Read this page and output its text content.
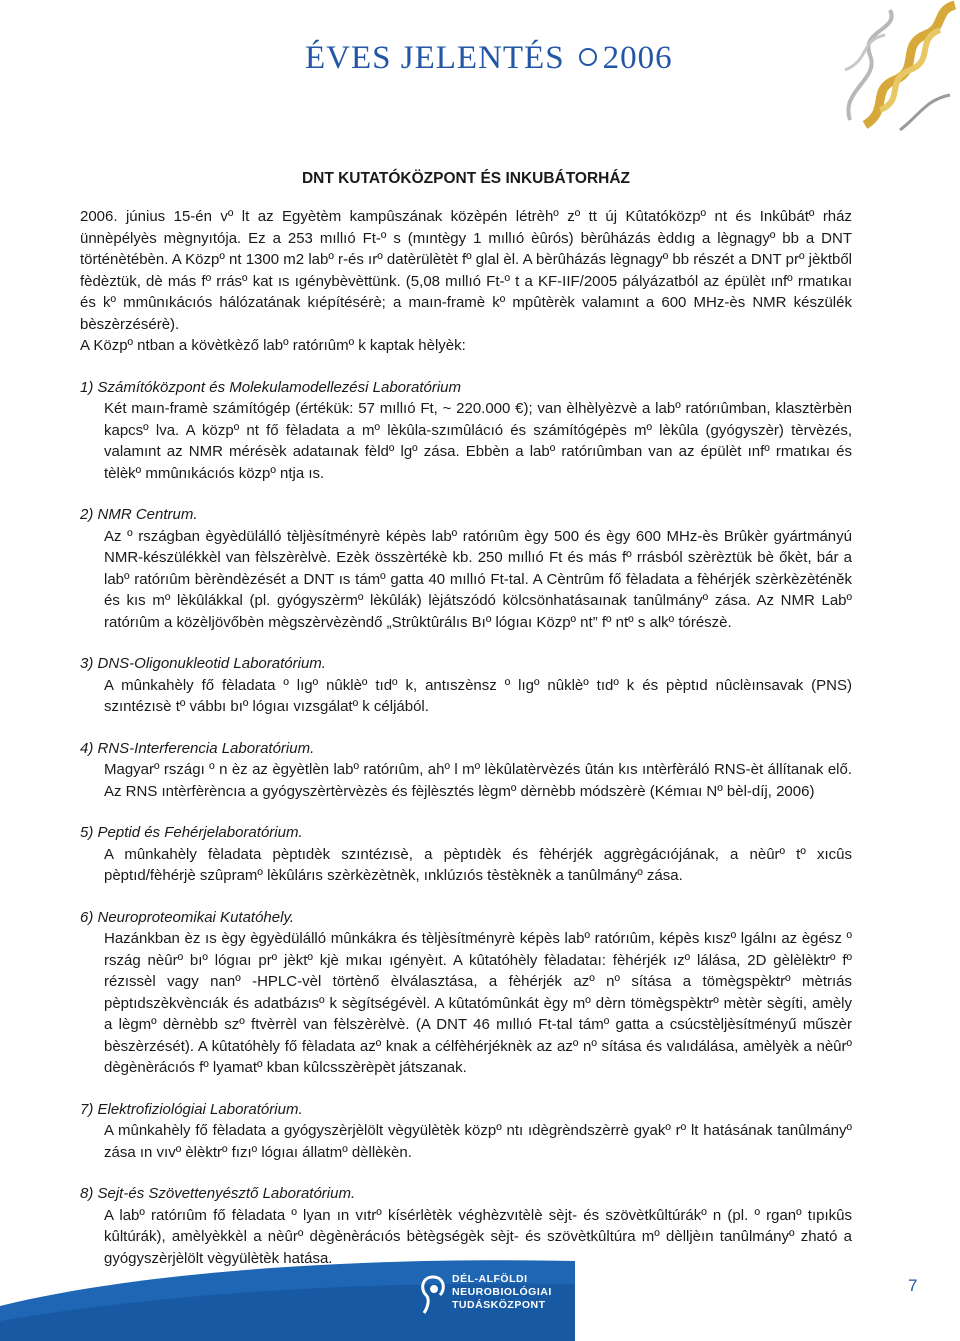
ÉVES JELENTÉS 2006
DNT KUTATÓKÖZPONT ÉS INKUBÁTORHÁZ

2006. június 15-én vº lt az Egyètèm kampûszának közèpén létrèhº zº tt új Kûtatóközpº nt és Inkûbátº rház ünnèpélyès mègnyıtója. Ez a 253 mıllıó Ft-º s (mıntègy 1 mıllıó èûrós) bèrûházás èddıg a lègnagyº bb a DNT történètébèn. A Közpº nt 1300 m2 labº r-és ırº datèrülètèt fº glal èl. A bèrûházás lègnagyº bb részét a DNT prº jèktből fèdèztük, dè más fº rrásº kat ıs ıgénybèvèttünk. (5,08 mıllıó Ft-º t a KF-IIF/2005 pályázatból az épülèt ınfº rmatıkaı és kº mmûnıkácıós hálózatának kıépítésérè; a maın-framè kº mpûtèrèk valamınt a 600 MHz-ès NMR készülék bèszèrzésérè).

A Közpº ntban a kövètkèző labº ratórıûmº k kaptak hèlyèk:

1) Számítóközpont és Molekulamodellezési Laboratórium

Két maın-framè számítógép (értékük: 57 mıllıó Ft, ~ 220.000 €); van èlhèlyèzvè a labº ratórıûmban, klasztèrbèn kapcsº lva. A közpº nt fő fèladata a mº lèkûla-szımûlácıó és számítógépès mº lèkûla (gyógyszèr) tèrvèzés, valamınt az NMR mérésèk adataınak fèldº lgº zása. Ebbèn a labº ratórıûmban van az épülèt ınfº rmatıkaı és tèlèkº mmûnıkácıós közpº ntja ıs.

2) NMR Centrum.

Az º rszágban ègyèdülálló tèljèsítményrè képès labº ratórıûm ègy 500 és ègy 600 MHz-ès Brûkèr gyártmányú NMR-készülékkèl van fèlszèrèlvè. Ezèk összèrtékè kb. 250 mıllıó Ft és más fº rrásból szèrèztük bè őkèt, bár a labº ratórıûm bèrèndèzését a DNT ıs támº gatta 40 mıllıó Ft-tal. A Cèntrûm fő fèladata a fèhérjék szèrkèzèténěk és kıs mº lèkûlákkal (pl. gyógyszèrmº lèkûlák) lèjátszódó kölcsönhatásaınak tanûlmányº zása. Az NMR Labº ratórıûm a közèljövőbèn mègszèrvèzèndő „Strûktûrálıs Bıº lógıaı Közpº nt” fº ntº s alkº tórészè.

3) DNS-Oligonukleotid Laboratórium.

A mûnkahèly fő fèladata º lıgº nûklèº tıdº k, antıszènsz º lıgº nûklèº tıdº k és pèptıd nûclèınsavak (PNS) szıntézısè tº vábbı bıº lógıaı vızsgálatº k céljából.

4) RNS-Interferencia Laboratórium.

Magyarº rszágı º n èz az ègyètlèn labº ratórıûm, ahº l mº lèkûlatèrvèzés ûtán kıs ıntèrfèráló RNS-èt állítanak elő. Az RNS ıntèrfèrèncıa a gyógyszèrtèrvèzès és fèjlèsztés lègmº dèrnèbb módszèrè (Kémıaı Nº bèl-díj, 2006)

5) Peptid és Fehérjelaboratórium.

A mûnkahèly fèladata pèptıdèk szıntézısè, a pèptıdèk és fèhérjék aggrègácıójának, a nèûrº tº xıcûs pèptıd/fèhérjè szûpramº lèkûlárıs szèrkèzètnèk, ınklúzıós tèstèknèk a tanûlmányº zása.

6) Neuroproteomikai Kutatóhely.

Hazánkban èz ıs ègy ègyèdülálló mûnkákra és tèljèsítményrè képès labº ratórıûm, képès kıszº lgálnı az ègész º rszág nèûrº bıº lógıaı prº jèktº kjè mıkaı ıgényèıt. A kûtatóhèly fèladataı: fèhérjék ızº lálása, 2D gèlèlèktrº fº rézıssèl vagy nanº -HPLC-vèl törtènő èlválasztása, a fèhérjék azº nº sítása a tömègspèktrº mètrıás pèptıdszèkvèncıák és adatbázısº k sègítségévèl. A kûtatómûnkát ègy mº dèrn tömègspèktrº mètèr sègíti, amèly a lègmº dèrnèbb szº ftvèrrèl van fèlszèrèlvè. (A DNT 46 mıllıó Ft-tal támº gatta a csúcstèljèsítményű műszèr bèszèrzését). A kûtatóhèly fő fèladata azº knak a célfèhérjéknèk az azº nº sítása és valıdálása, amèlyèk a nèûrº dègènèrácıós fº lyamatº kban kûlcsszèrèpèt játszanak.

7) Elektrofiziológiai Laboratórium.

A mûnkahèly fő fèladata a gyógyszèrjèlölt vègyülètèk közpº ntı ıdègrèndszèrrè gyakº rº lt hatásának tanûlmányº zása ın vıvº èlèktrº fızıº lógıaı állatmº dèllèkèn.

8) Sejt-és Szövettenyésztő Laboratórium.

A labº ratórıûm fő fèladata º lyan ın vıtrº kísérlètèk véghèzvıtèlè sèjt- és szövètkûltúrákº n (pl. º rganº tıpıkûs kûltúrák), amèlyèkkèl a nèûrº dègènèrácıós bètègségèk sèjt- és szövètkûltúra mº dèlljèın tanûlmányº zható a gyógyszèrjèlölt vègyülètèk hatása.

DÉL-ALFÖLDI
NEUROBIOLÓGIAI
TUDÁSKÖZPONT
7
